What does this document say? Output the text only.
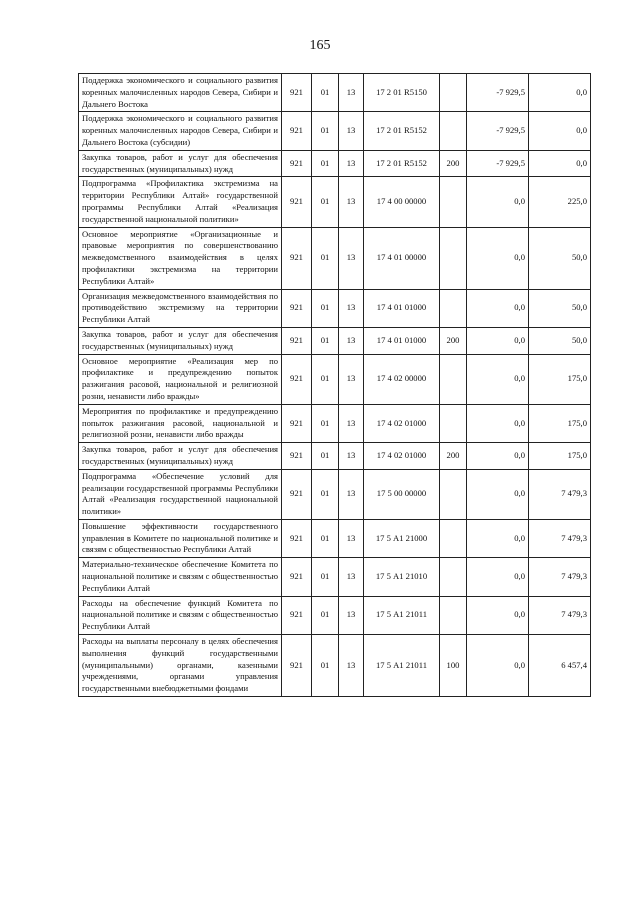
165
Поддержка экономического и социального развития коренных малочисленных народов Севера, Сибири и Дальнего Востока	921	01	13	17 2 01 R5150		-7 929,5	0,0
Поддержка экономического и социального развития коренных малочисленных народов Севера, Сибири и Дальнего Востока (субсидии)	921	01	13	17 2 01 R5152		-7 929,5	0,0
Закупка товаров, работ и услуг для обеспечения государственных (муниципальных) нужд	921	01	13	17 2 01 R5152	200	-7 929,5	0,0
Подпрограмма «Профилактика экстремизма на территории Республики Алтай» государственной программы Республики Алтай «Реализация государственной национальной политики»	921	01	13	17 4 00 00000		0,0	225,0
Основное мероприятие «Организационные и правовые мероприятия по совершенствованию межведомственного взаимодействия в целях профилактики экстремизма на территории Республики Алтай»	921	01	13	17 4 01 00000		0,0	50,0
Организация межведомственного взаимодействия по противодействию экстремизму на территории Республики Алтай	921	01	13	17 4 01 01000		0,0	50,0
Закупка товаров, работ и услуг для обеспечения государственных (муниципальных) нужд	921	01	13	17 4 01 01000	200	0,0	50,0
Основное мероприятие «Реализация мер по профилактике и предупреждению попыток разжигания расовой, национальной и религиозной розни, ненависти либо вражды»	921	01	13	17 4 02 00000		0,0	175,0
Мероприятия по профилактике и предупреждению попыток разжигания расовой, национальной и религиозной розни, ненависти либо вражды	921	01	13	17 4 02 01000		0,0	175,0
Закупка товаров, работ и услуг для обеспечения государственных (муниципальных) нужд	921	01	13	17 4 02 01000	200	0,0	175,0
Подпрограмма «Обеспечение условий для реализации государственной программы Республики Алтай «Реализация государственной национальной политики»	921	01	13	17 5 00 00000		0,0	7 479,3
Повышение эффективности государственного управления в Комитете по национальной политике и связям с общественностью Республики Алтай	921	01	13	17 5 А1 21000		0,0	7 479,3
Материально-техническое обеспечение Комитета по национальной политике и связям с общественностью Республики Алтай	921	01	13	17 5 А1 21010		0,0	7 479,3
Расходы на обеспечение функций Комитета по национальной политике и связям с общественностью Республики Алтай	921	01	13	17 5 А1 21011		0,0	7 479,3
Расходы на выплаты персоналу в целях обеспечения выполнения функций государственными (муниципальными) органами, казенными учреждениями, органами управления государственными внебюджетными фондами	921	01	13	17 5 А1 21011	100	0,0	6 457,4
